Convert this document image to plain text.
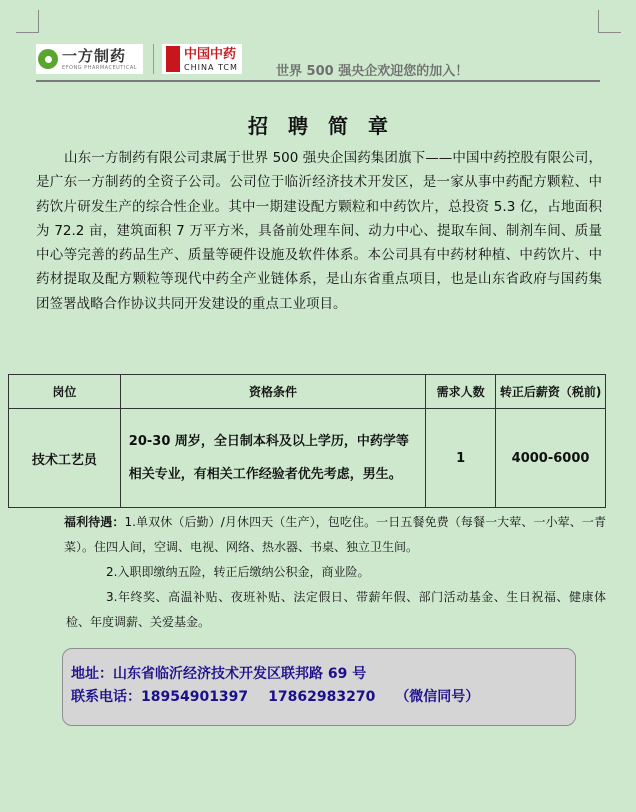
一方制药
EFONG PHARMACEUTICAL
中国中药
CHINA TCM	世界 500 强央企欢迎您的加入！
招聘简章

山东一方制药有限公司隶属于世界 500 强央企国药集团旗下——中国中药控股有限公司，是广东一方制药的全资子公司。公司位于临沂经济技术开发区，是一家从事中药配方颗粒、中药饮片研发生产的综合性企业。其中一期建设配方颗粒和中药饮片，总投资 5.3 亿，占地面积为 72.2 亩，建筑面积 7 万平方米，具备前处理车间、动力中心、提取车间、制剂车间、质量中心等完善的药品生产、质量等硬件设施及软件体系。本公司具有中药材种植、中药饮片、中药材提取及配方颗粒等现代中药全产业链体系，是山东省重点项目，也是山东省政府与国药集团签署战略合作协议共同开发建设的重点工业项目。

岗位	资格条件	需求人数	转正后薪资（税前)
技术工艺员	20-30 周岁，全日制本科及以上学历，中药学等相关专业，有相关工作经验者优先考虑，男生。	1	4000-6000

福利待遇：1.单双休（后勤）/月休四天（生产），包吃住。一日五餐免费（每餐一大荤、一小荤、一青菜）。住四人间，空调、电视、网络、热水器、书桌、独立卫生间。

2.入职即缴纳五险，转正后缴纳公积金，商业险。

3.年终奖、高温补贴、夜班补贴、法定假日、带薪年假、部门活动基金、生日祝福、健康体检、年度调薪、关爱基金。

地址：山东省临沂经济技术开发区联邦路 69 号
联系电话：18954901397 17862983270 （微信同号）
